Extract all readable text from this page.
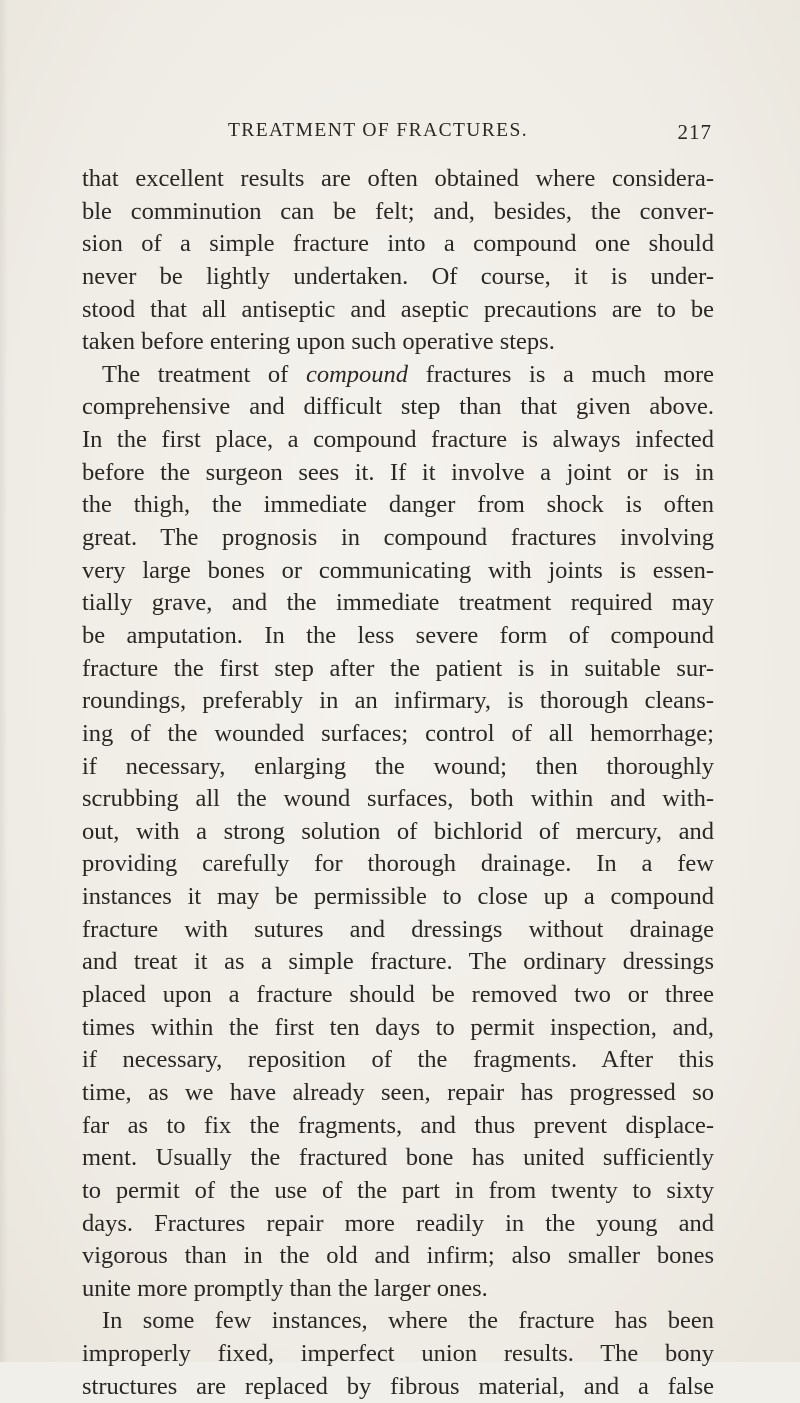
TREATMENT OF FRACTURES.	217
that excellent results are often obtained where considera-
ble comminution can be felt; and, besides, the conver-
sion of a simple fracture into a compound one should
never be lightly undertaken. Of course, it is under-
stood that all antiseptic and aseptic precautions are to be
taken before entering upon such operative steps.
The treatment of compound fractures is a much more
comprehensive and difficult step than that given above.
In the first place, a compound fracture is always infected
before the surgeon sees it. If it involve a joint or is in
the thigh, the immediate danger from shock is often
great. The prognosis in compound fractures involving
very large bones or communicating with joints is essen-
tially grave, and the immediate treatment required may
be amputation. In the less severe form of compound
fracture the first step after the patient is in suitable sur-
roundings, preferably in an infirmary, is thorough cleans-
ing of the wounded surfaces; control of all hemorrhage;
if necessary, enlarging the wound; then thoroughly
scrubbing all the wound surfaces, both within and with-
out, with a strong solution of bichlorid of mercury, and
providing carefully for thorough drainage. In a few
instances it may be permissible to close up a compound
fracture with sutures and dressings without drainage
and treat it as a simple fracture. The ordinary dressings
placed upon a fracture should be removed two or three
times within the first ten days to permit inspection, and,
if necessary, reposition of the fragments. After this
time, as we have already seen, repair has progressed so
far as to fix the fragments, and thus prevent displace-
ment. Usually the fractured bone has united sufficiently
to permit of the use of the part in from twenty to sixty
days. Fractures repair more readily in the young and
vigorous than in the old and infirm; also smaller bones
unite more promptly than the larger ones.
In some few instances, where the fracture has been
improperly fixed, imperfect union results. The bony
structures are replaced by fibrous material, and a false
